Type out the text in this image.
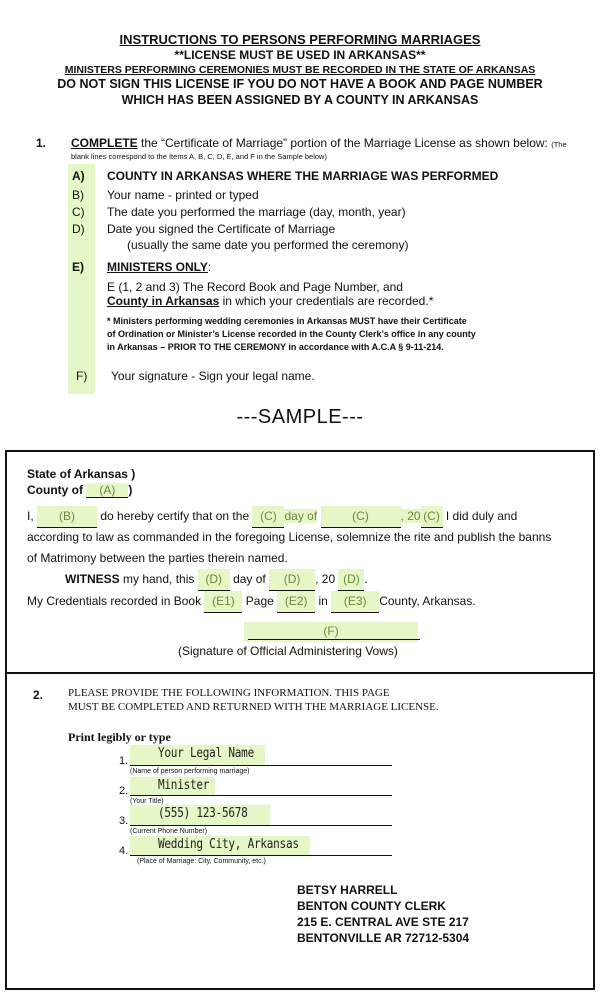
INSTRUCTIONS TO PERSONS PERFORMING MARRIAGES
**LICENSE MUST BE USED IN ARKANSAS**
MINISTERS PERFORMING CEREMONIES MUST BE RECORDED IN THE STATE OF ARKANSAS
DO NOT SIGN THIS LICENSE IF YOU DO NOT HAVE A BOOK AND PAGE NUMBER
WHICH HAS BEEN ASSIGNED BY A COUNTY IN ARKANSAS
1. COMPLETE the “Certificate of Marriage” portion of the Marriage License as shown below: (The
blank lines correspond to the Items A, B, C, D, E, and F in the Sample below)
A) COUNTY IN ARKANSAS WHERE THE MARRIAGE WAS PERFORMED
B) Your name - printed or typed
C) The date you performed the marriage (day, month, year)
D) Date you signed the Certificate of Marriage
(usually the same date you performed the ceremony)
E) MINISTERS ONLY:
E (1, 2 and 3) The Record Book and Page Number, and
County in Arkansas in which your credentials are recorded.*
* Ministers performing wedding ceremonies in Arkansas MUST have their Certificate
of Ordination or Minister’s License recorded in the County Clerk’s office in any county
in Arkansas – PRIOR TO THE CEREMONY in accordance with A.C.A § 9-11-214.
F) Your signature - Sign your legal name.
---SAMPLE---
State of Arkansas )
County of (A) )
I, (B) do hereby certify that on the (C) day of	(C)	, 20 (C) I did duly and
according to law as commanded in the foregoing License, solemnize the rite and publish the banns
of Matrimony between the parties therein named.
WITNESS my hand, this (D) day of (D) , 20 (D) .
My Credentials recorded in Book (E1) Page (E2) in (E3) County, Arkansas.
(F)
(Signature of Official Administering Vows)
2. PLEASE PROVIDE THE FOLLOWING INFORMATION. THIS PAGE
MUST BE COMPLETED AND RETURNED WITH THE MARRIAGE LICENSE.
Print legibly or type
1. Your Legal Name
(Name of person performing marriage)
2. Minister
(Your Title)
3. (555) 123-5678
(Current Phone Number)
4. Wedding City, Arkansas
(Place of Marriage: City, Community, etc.)
BETSY HARRELL
BENTON COUNTY CLERK
215 E. CENTRAL AVE STE 217
BENTONVILLE AR 72712-5304
